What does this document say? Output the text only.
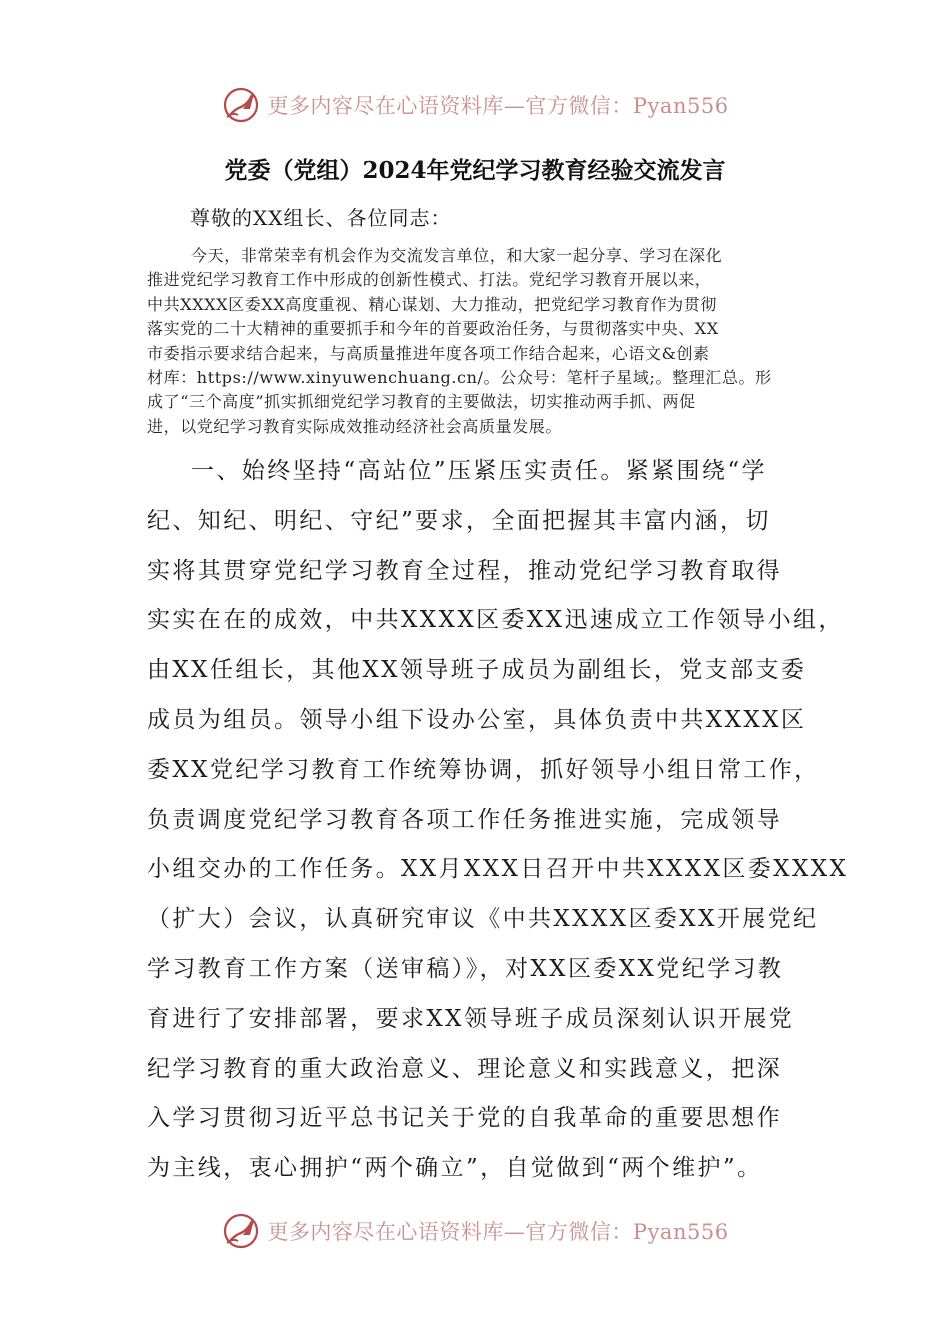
更多内容尽在心语资料库—官方微信：Pyan556
党委（党组）2024年党纪学习教育经验交流发言
尊敬的XX组长、各位同志：
今天，非常荣幸有机会作为交流发言单位，和大家一起分享、学习在深化
推进党纪学习教育工作中形成的创新性模式、打法。党纪学习教育开展以来，
中共XXXX区委XX高度重视、精心谋划、大力推动，把党纪学习教育作为贯彻
落实党的二十大精神的重要抓手和今年的首要政治任务，与贯彻落实中央、XX
市委指示要求结合起来，与高质量推进年度各项工作结合起来，心语文&创素
材库：https://www.xinyuwenchuang.cn/。公众号：笔杆子星域;。整理汇总。形
成了“三个高度”抓实抓细党纪学习教育的主要做法，切实推动两手抓、两促
进，以党纪学习教育实际成效推动经济社会高质量发展。
一、始终坚持“高站位”压紧压实责任。紧紧围绕“学
纪、知纪、明纪、守纪”要求，全面把握其丰富内涵，切
实将其贯穿党纪学习教育全过程，推动党纪学习教育取得
实实在在的成效，中共XXXX区委XX迅速成立工作领导小组，
由XX任组长，其他XX领导班子成员为副组长，党支部支委
成员为组员。领导小组下设办公室，具体负责中共XXXX区
委XX党纪学习教育工作统筹协调，抓好领导小组日常工作，
负责调度党纪学习教育各项工作任务推进实施，完成领导
小组交办的工作任务。XX月XXX日召开中共XXXX区委XXXX
（扩大）会议，认真研究审议《中共XXXX区委XX开展党纪
学习教育工作方案（送审稿）》，对XX区委XX党纪学习教
育进行了安排部署，要求XX领导班子成员深刻认识开展党
纪学习教育的重大政治意义、理论意义和实践意义，把深
入学习贯彻习近平总书记关于党的自我革命的重要思想作
为主线，衷心拥护“两个确立”，自觉做到“两个维护”。
更多内容尽在心语资料库—官方微信：Pyan556
